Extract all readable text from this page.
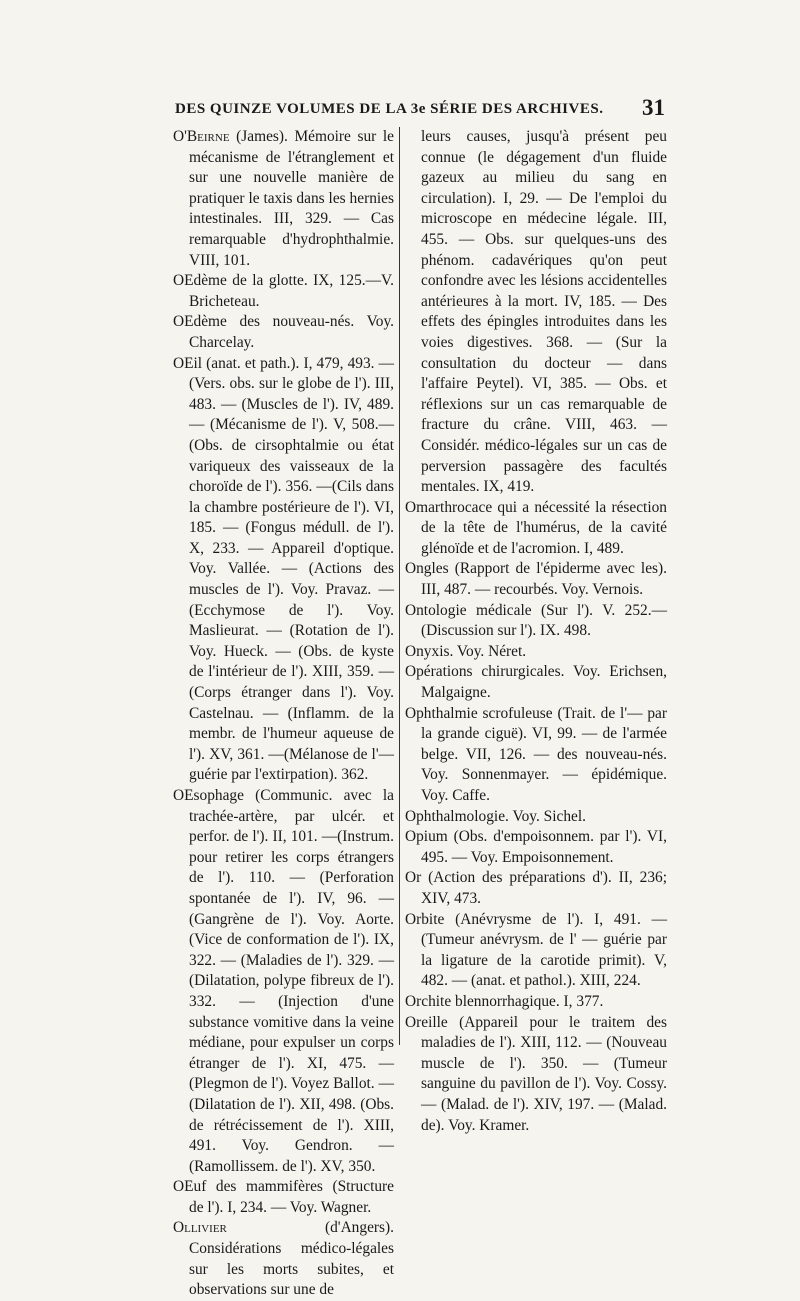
DES QUINZE VOLUMES DE LA 3e SÉRIE DES ARCHIVES. 31

O'Beirne (James). Mémoire sur le mécanisme de l'étranglement et sur une nouvelle manière de pratiquer le taxis dans les hernies intestinales. III, 329. — Cas remarquable d'hydrophthalmie. VIII, 101.

OEdème de la glotte. IX, 125.—V. Bricheteau.

OEdème des nouveau-nés. Voy. Charcelay.

OEil (anat. et path.). I, 479, 493. — (Vers. obs. sur le globe de l'). III, 483. — (Muscles de l'). IV, 489. — (Mécanisme de l'). V, 508.—(Obs. de cirsophtalmie ou état variqueux des vaisseaux de la choroïde de l'). 356. —(Cils dans la chambre postérieure de l'). VI, 185. — (Fongus médull. de l'). X, 233. — Appareil d'optique. Voy. Vallée. — (Actions des muscles de l'). Voy. Pravaz. — (Ecchymose de l'). Voy. Maslieurat. — (Rotation de l'). Voy. Hueck. — (Obs. de kyste de l'intérieur de l'). XIII, 359. — (Corps étranger dans l'). Voy. Castelnau. — (Inflamm. de la membr. de l'humeur aqueuse de l'). XV, 361. —(Mélanose de l'— guérie par l'extirpation). 362.

OEsophage (Communic. avec la trachée-artère, par ulcér. et perfor. de l'). II, 101. —(Instrum. pour retirer les corps étrangers de l'). 110. — (Perforation spontanée de l'). IV, 96. — (Gangrène de l'). Voy. Aorte. (Vice de conformation de l'). IX, 322. — (Maladies de l'). 329. — (Dilatation, polype fibreux de l'). 332. — (Injection d'une substance vomitive dans la veine médiane, pour expulser un corps étranger de l'). XI, 475. — (Plegmon de l'). Voyez Ballot. — (Dilatation de l'). XII, 498. (Obs. de rétrécissement de l'). XIII, 491. Voy. Gendron. — (Ramollissem. de l'). XV, 350.

OEuf des mammifères (Structure de l'). I, 234. — Voy. Wagner.

Ollivier (d'Angers). Considérations médico-légales sur les morts subites, et observations sur une de

leurs causes, jusqu'à présent peu connue (le dégagement d'un fluide gazeux au milieu du sang en circulation). I, 29. — De l'emploi du microscope en médecine légale. III, 455. — Obs. sur quelques-uns des phénom. cadavériques qu'on peut confondre avec les lésions accidentelles antérieures à la mort. IV, 185. — Des effets des épingles introduites dans les voies digestives. 368. — (Sur la consultation du docteur — dans l'affaire Peytel). VI, 385. — Obs. et réflexions sur un cas remarquable de fracture du crâne. VIII, 463. — Considér. médico-légales sur un cas de perversion passagère des facultés mentales. IX, 419.

Omarthrocace qui a nécessité la résection de la tête de l'humérus, de la cavité glénoïde et de l'acromion. I, 489.

Ongles (Rapport de l'épiderme avec les). III, 487. — recourbés. Voy. Vernois.

Ontologie médicale (Sur l'). V. 252.— (Discussion sur l'). IX. 498.

Onyxis. Voy. Néret.

Opérations chirurgicales. Voy. Erichsen, Malgaigne.

Ophthalmie scrofuleuse (Trait. de l'— par la grande ciguë). VI, 99. — de l'armée belge. VII, 126. — des nouveau-nés. Voy. Sonnenmayer. — épidémique. Voy. Caffe.

Ophthalmologie. Voy. Sichel.

Opium (Obs. d'empoisonnem. par l'). VI, 495. — Voy. Empoisonnement.

Or (Action des préparations d'). II, 236; XIV, 473.

Orbite (Anévrysme de l'). I, 491. —(Tumeur anévrysm. de l' — guérie par la ligature de la carotide primit). V, 482. — (anat. et pathol.). XIII, 224.

Orchite blennorrhagique. I, 377.

Oreille (Appareil pour le traitem des maladies de l'). XIII, 112. — (Nouveau muscle de l'). 350. — (Tumeur sanguine du pavillon de l'). Voy. Cossy. — (Malad. de l'). XIV, 197. — (Malad. de). Voy. Kramer.
